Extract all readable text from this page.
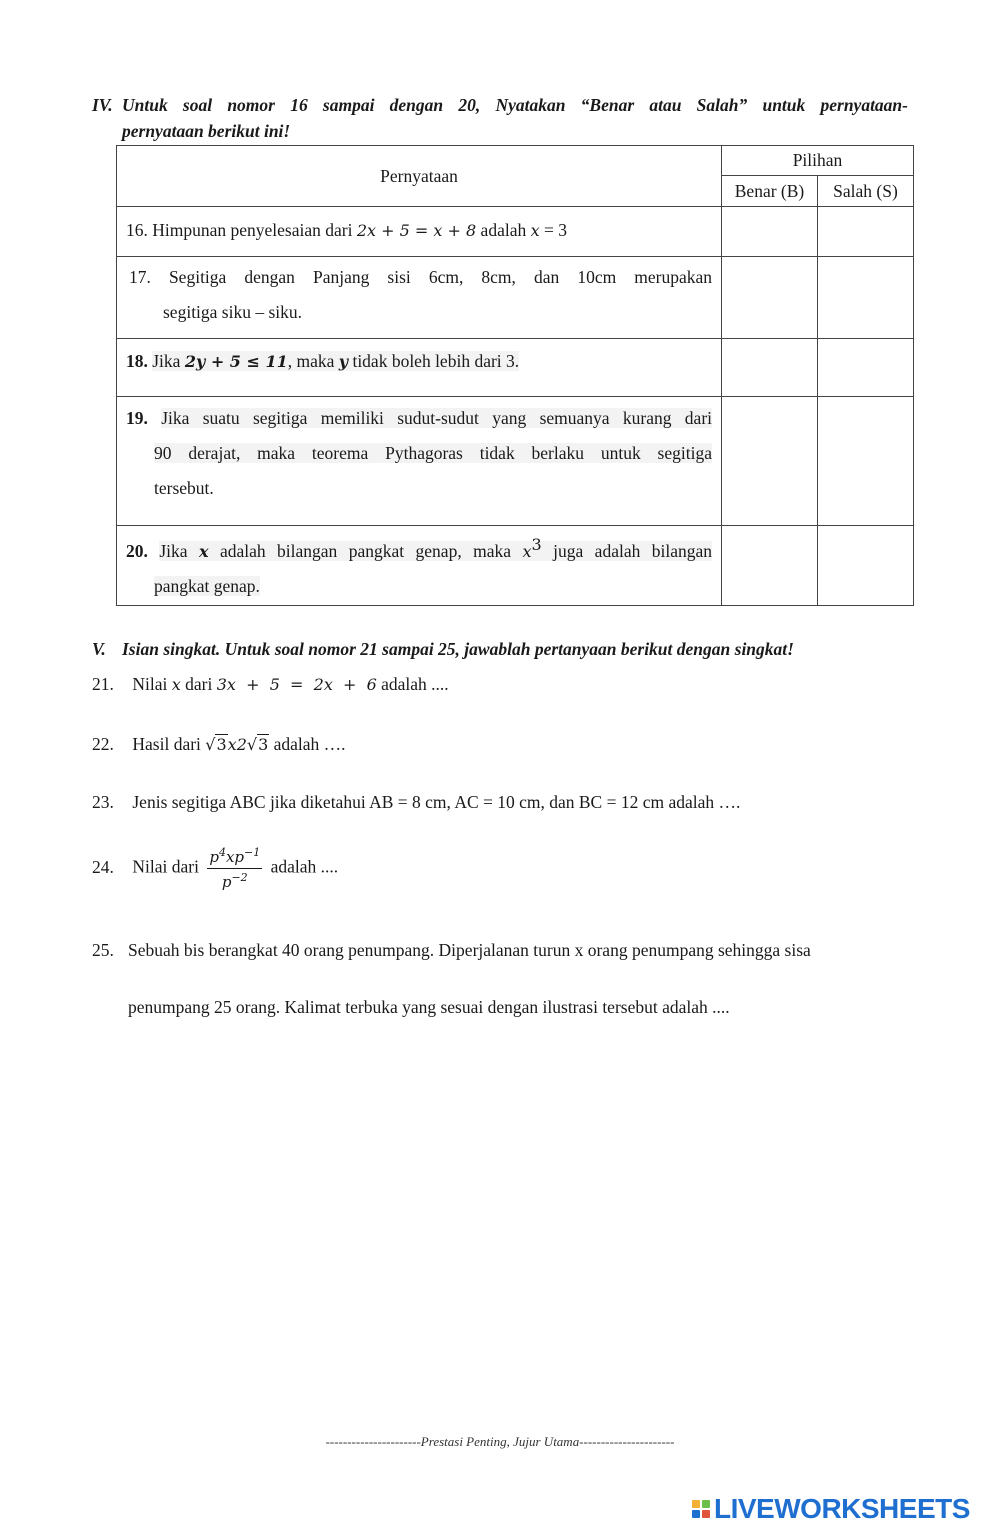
IV. Untuk soal nomor 16 sampai dengan 20, Nyatakan “Benar atau Salah” untuk pernyataan-
pernyataan berikut ini!
Pernyataan	Pilihan	
	Benar (B)	Salah (S)

16. Himpunan penyelesaian dari 2x + 5 = x + 8 adalah x = 3		

17. Segitiga dengan Panjang sisi 6cm, 8cm, dan 10cm merupakan
segitiga siku – siku.		

18. Jika 2y + 5 ≤ 11, maka y tidak boleh lebih dari 3.		

19. Jika suatu segitiga memiliki sudut-sudut yang semuanya kurang dari
90 derajat, maka teorema Pythagoras tidak berlaku untuk segitiga
tersebut.		

20. Jika x adalah bilangan pangkat genap, maka $x^3$ juga adalah bilangan
pangkat genap.		

V. Isian singkat. Untuk soal nomor 21 sampai 25, jawablah pertanyaan berikut dengan singkat!
21. Nilai x dari 3x  +  5  =  2x  +  6 adalah ....
22. Hasil dari √3x2√3 adalah ….
23. Jenis segitiga ABC jika diketahui AB = 8 cm, AC = 10 cm, dan BC = 12 cm adalah ….
24. Nilai dari $\frac{p^4xp^{-1}}{p^{-2}}$ adalah ....
25. Sebuah bis berangkat 40 orang penumpang. Diperjalanan turun x orang penumpang sehingga sisa
penumpang 25 orang. Kalimat terbuka yang sesuai dengan ilustrasi tersebut adalah ....
----------------------Prestasi Penting, Jujur Utama----------------------
LIVEWORKSHEETS
